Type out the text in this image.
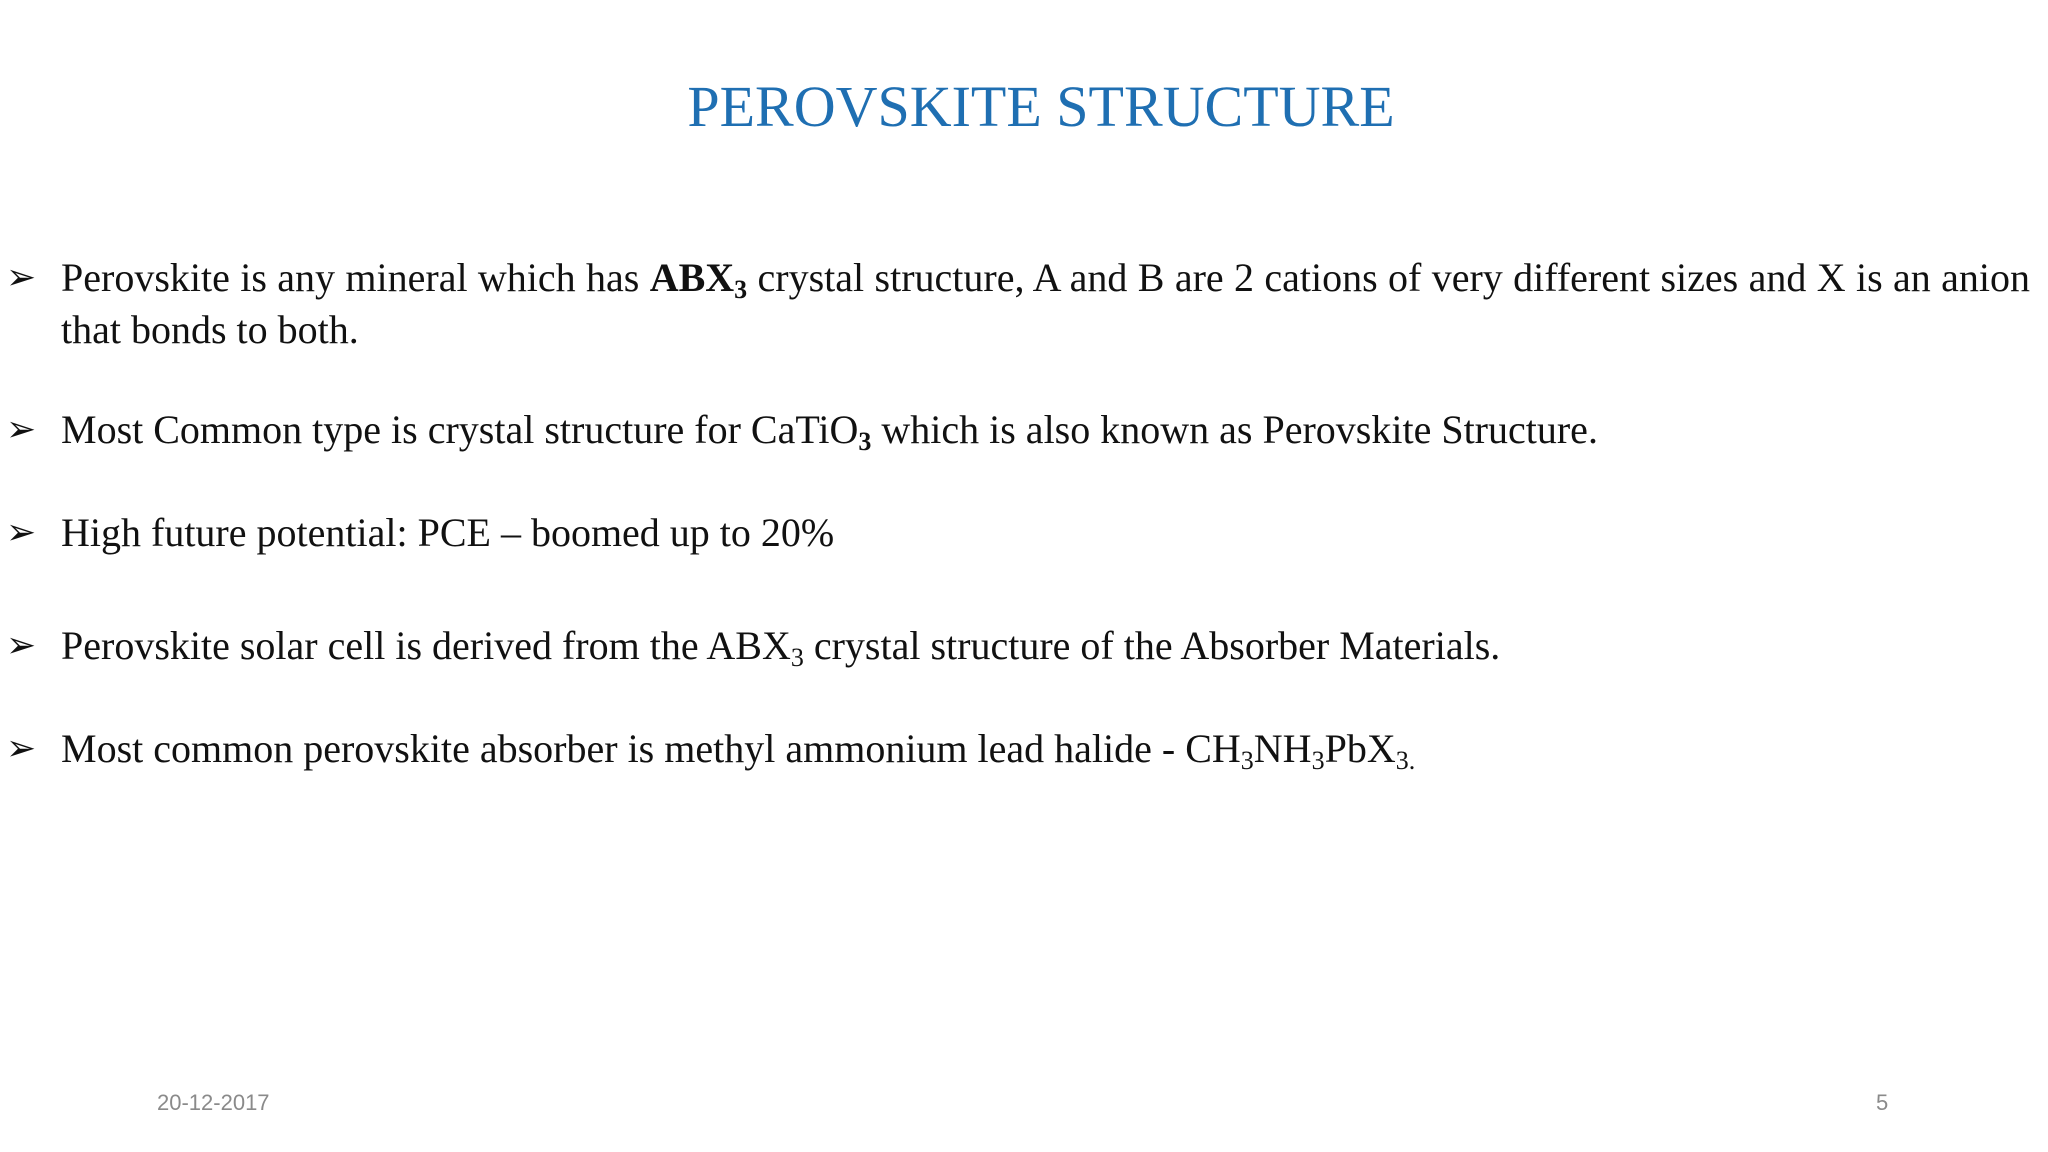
PEROVSKITE STRUCTURE
➢ Perovskite is any mineral which has $ABX_3$ crystal structure, A and B are 2 cations of very different sizes and X is an anion that bonds to both.
➢ Most Common type is crystal structure for CaTiO$_3$ which is also known as Perovskite Structure.
➢ High future potential: PCE – boomed up to 20%
➢ Perovskite solar cell is derived from the $ABX_3$ crystal structure of the Absorber Materials.
➢ Most common perovskite absorber is methyl ammonium lead halide - $CH_3NH_3PbX_{3.}$
20-12-2017	5
